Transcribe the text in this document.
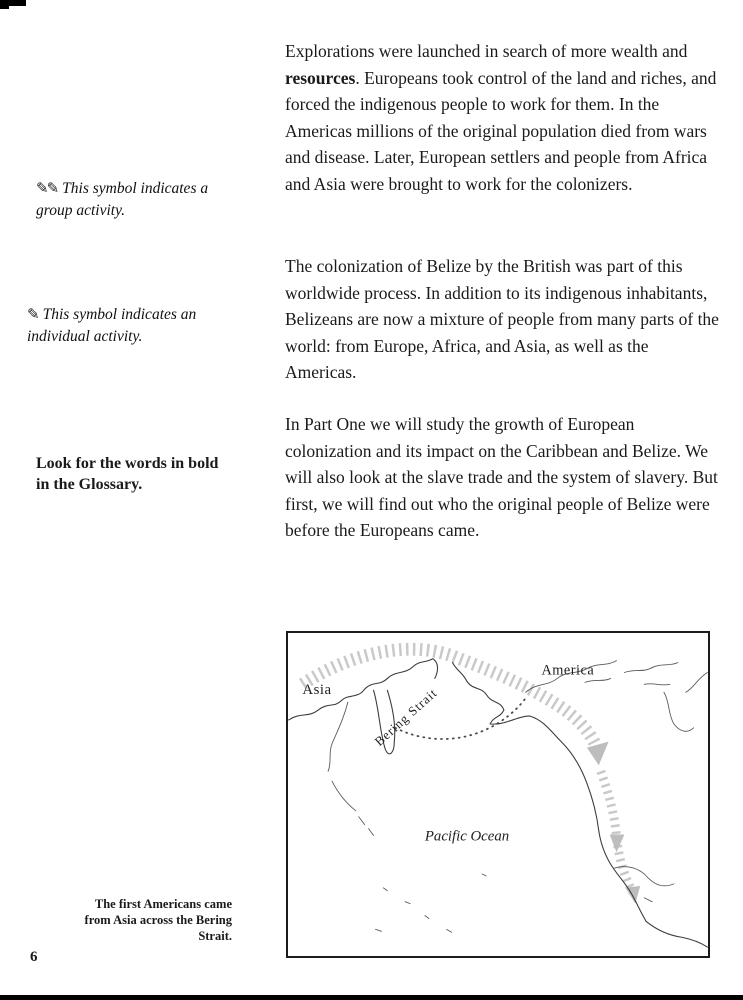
✎✎ This symbol indicates a group activity.

✎ This symbol indicates an individual activity.

Look for the words in bold in the Glossary.

The first Americans came from Asia across the Bering Strait.

6

Explorations were launched in search of more wealth and resources. Europeans took control of the land and riches, and forced the indigenous people to work for them. In the Americas millions of the original population died from wars and disease. Later, European settlers and people from Africa and Asia were brought to work for the colonizers.

The colonization of Belize by the British was part of this worldwide process. In addition to its indigenous inhabitants, Belizeans are now a mixture of people from many parts of the world: from Europe, Africa, and Asia, as well as the Americas.

In Part One we will study the growth of European colonization and its impact on the Caribbean and Belize. We will also look at the slave trade and the system of slavery. But first, we will find out who the original people of Belize were before the Europeans came.

Asia
America
Bering Strait
Pacific Ocean
